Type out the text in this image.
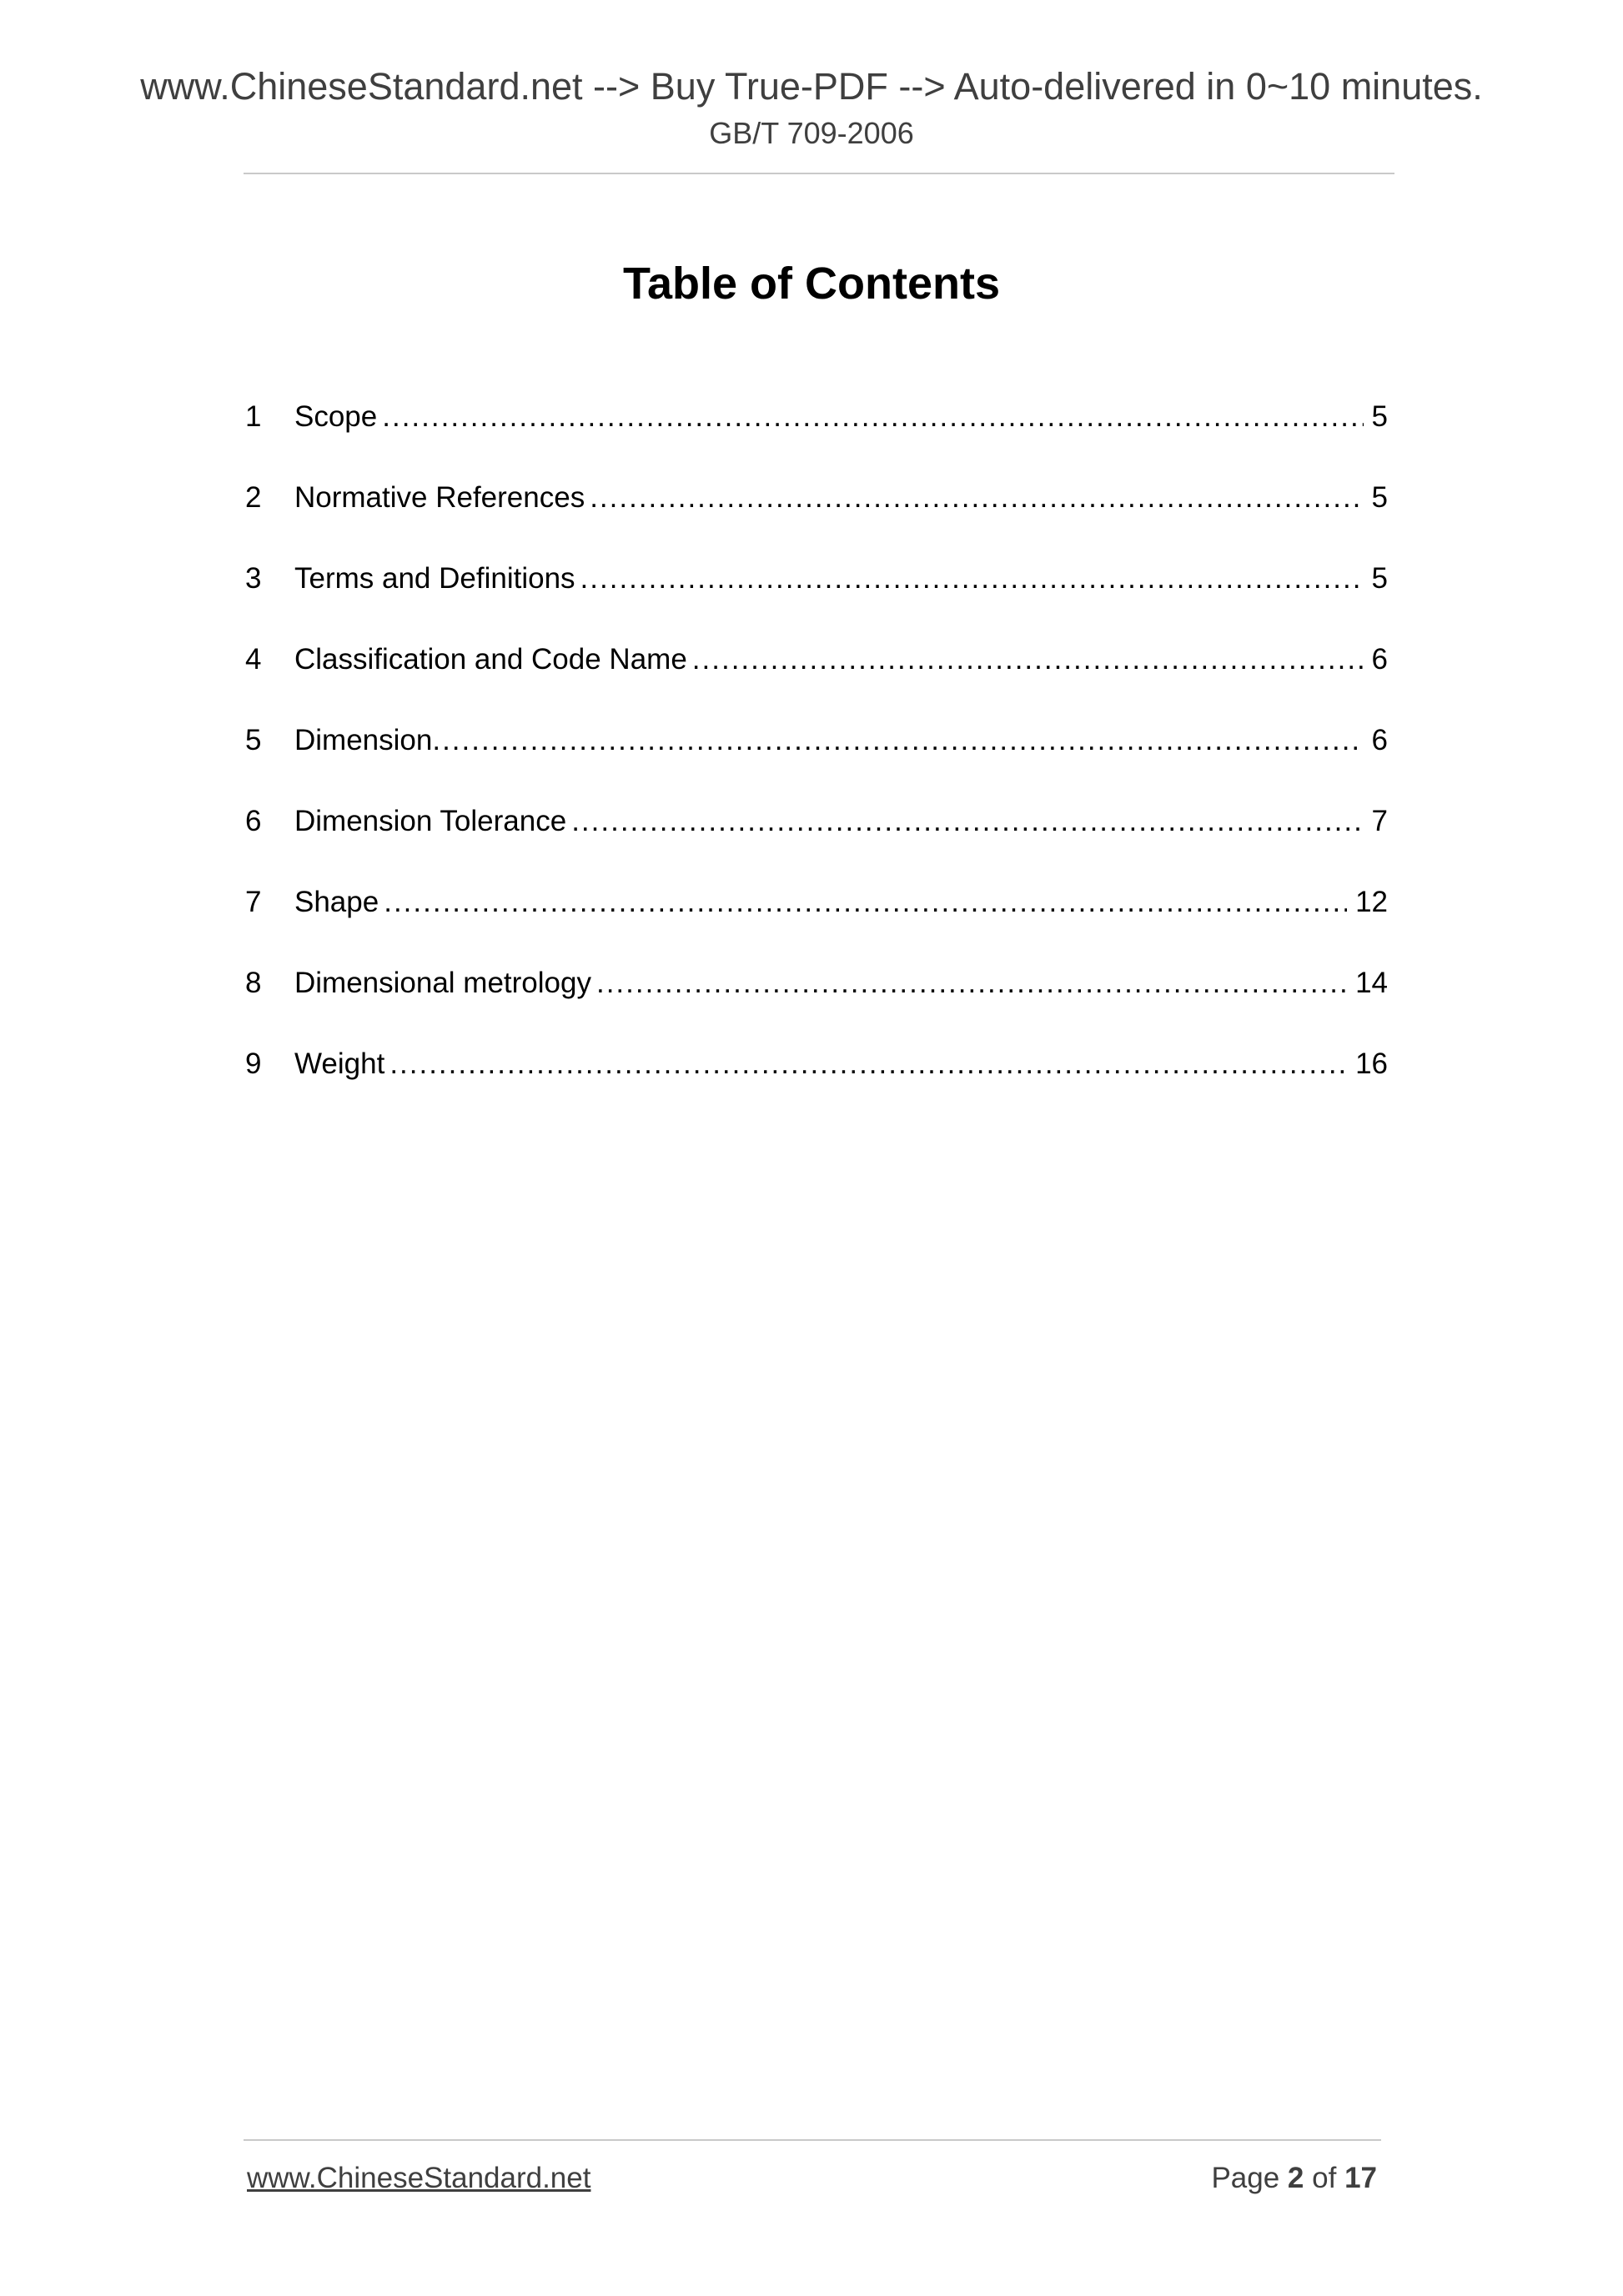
www.ChineseStandard.net --> Buy True-PDF --> Auto-delivered in 0~10 minutes.
GB/T 709-2006
Table of Contents
1	Scope .....	5
2	Normative References .....	5
3	Terms and Definitions .....	5
4	Classification and Code Name .....	6
5	Dimension .....	6
6	Dimension Tolerance .....	7
7	Shape .....	12
8	Dimensional metrology .....	14
9	Weight .....	16
www.ChineseStandard.net	Page 2 of 17
